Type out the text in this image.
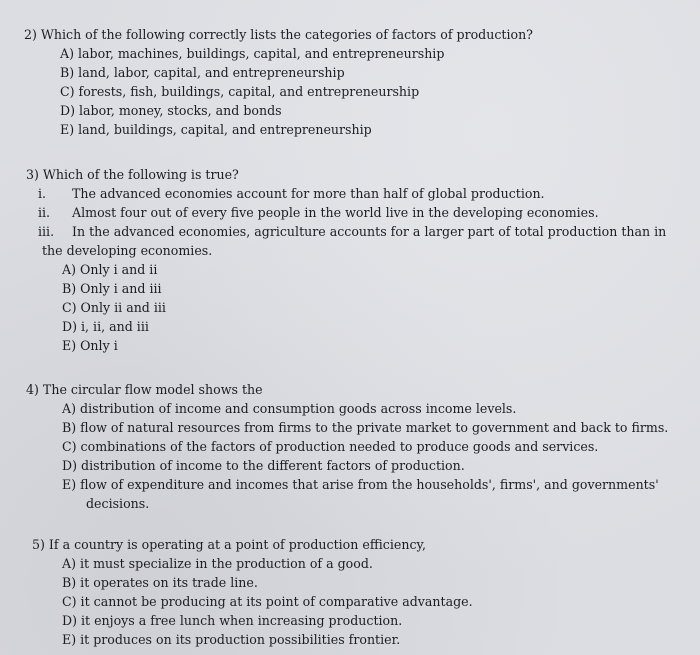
2) Which of the following correctly lists the categories of factors of production?
A) labor, machines, buildings, capital, and entrepreneurship
B) land, labor, capital, and entrepreneurship
C) forests, fish, buildings, capital, and entrepreneurship
D) labor, money, stocks, and bonds
E) land, buildings, capital, and entrepreneurship
3) Which of the following is true?
i.	The advanced economies account for more than half of global production.
ii.	Almost four out of every five people in the world live in the developing economies.
iii.	In the advanced economies, agriculture accounts for a larger part of total production than in
the developing economies.
A) Only i and ii
B) Only i and iii
C) Only ii and iii
D) i, ii, and iii
E) Only i
4) The circular flow model shows the
A) distribution of income and consumption goods across income levels.
B) flow of natural resources from firms to the private market to government and back to firms.
C) combinations of the factors of production needed to produce goods and services.
D) distribution of income to the different factors of production.
E) flow of expenditure and incomes that arise from the households', firms', and governments'
decisions.
5) If a country is operating at a point of production efficiency,
A) it must specialize in the production of a good.
B) it operates on its trade line.
C) it cannot be producing at its point of comparative advantage.
D) it enjoys a free lunch when increasing production.
E) it produces on its production possibilities frontier.
